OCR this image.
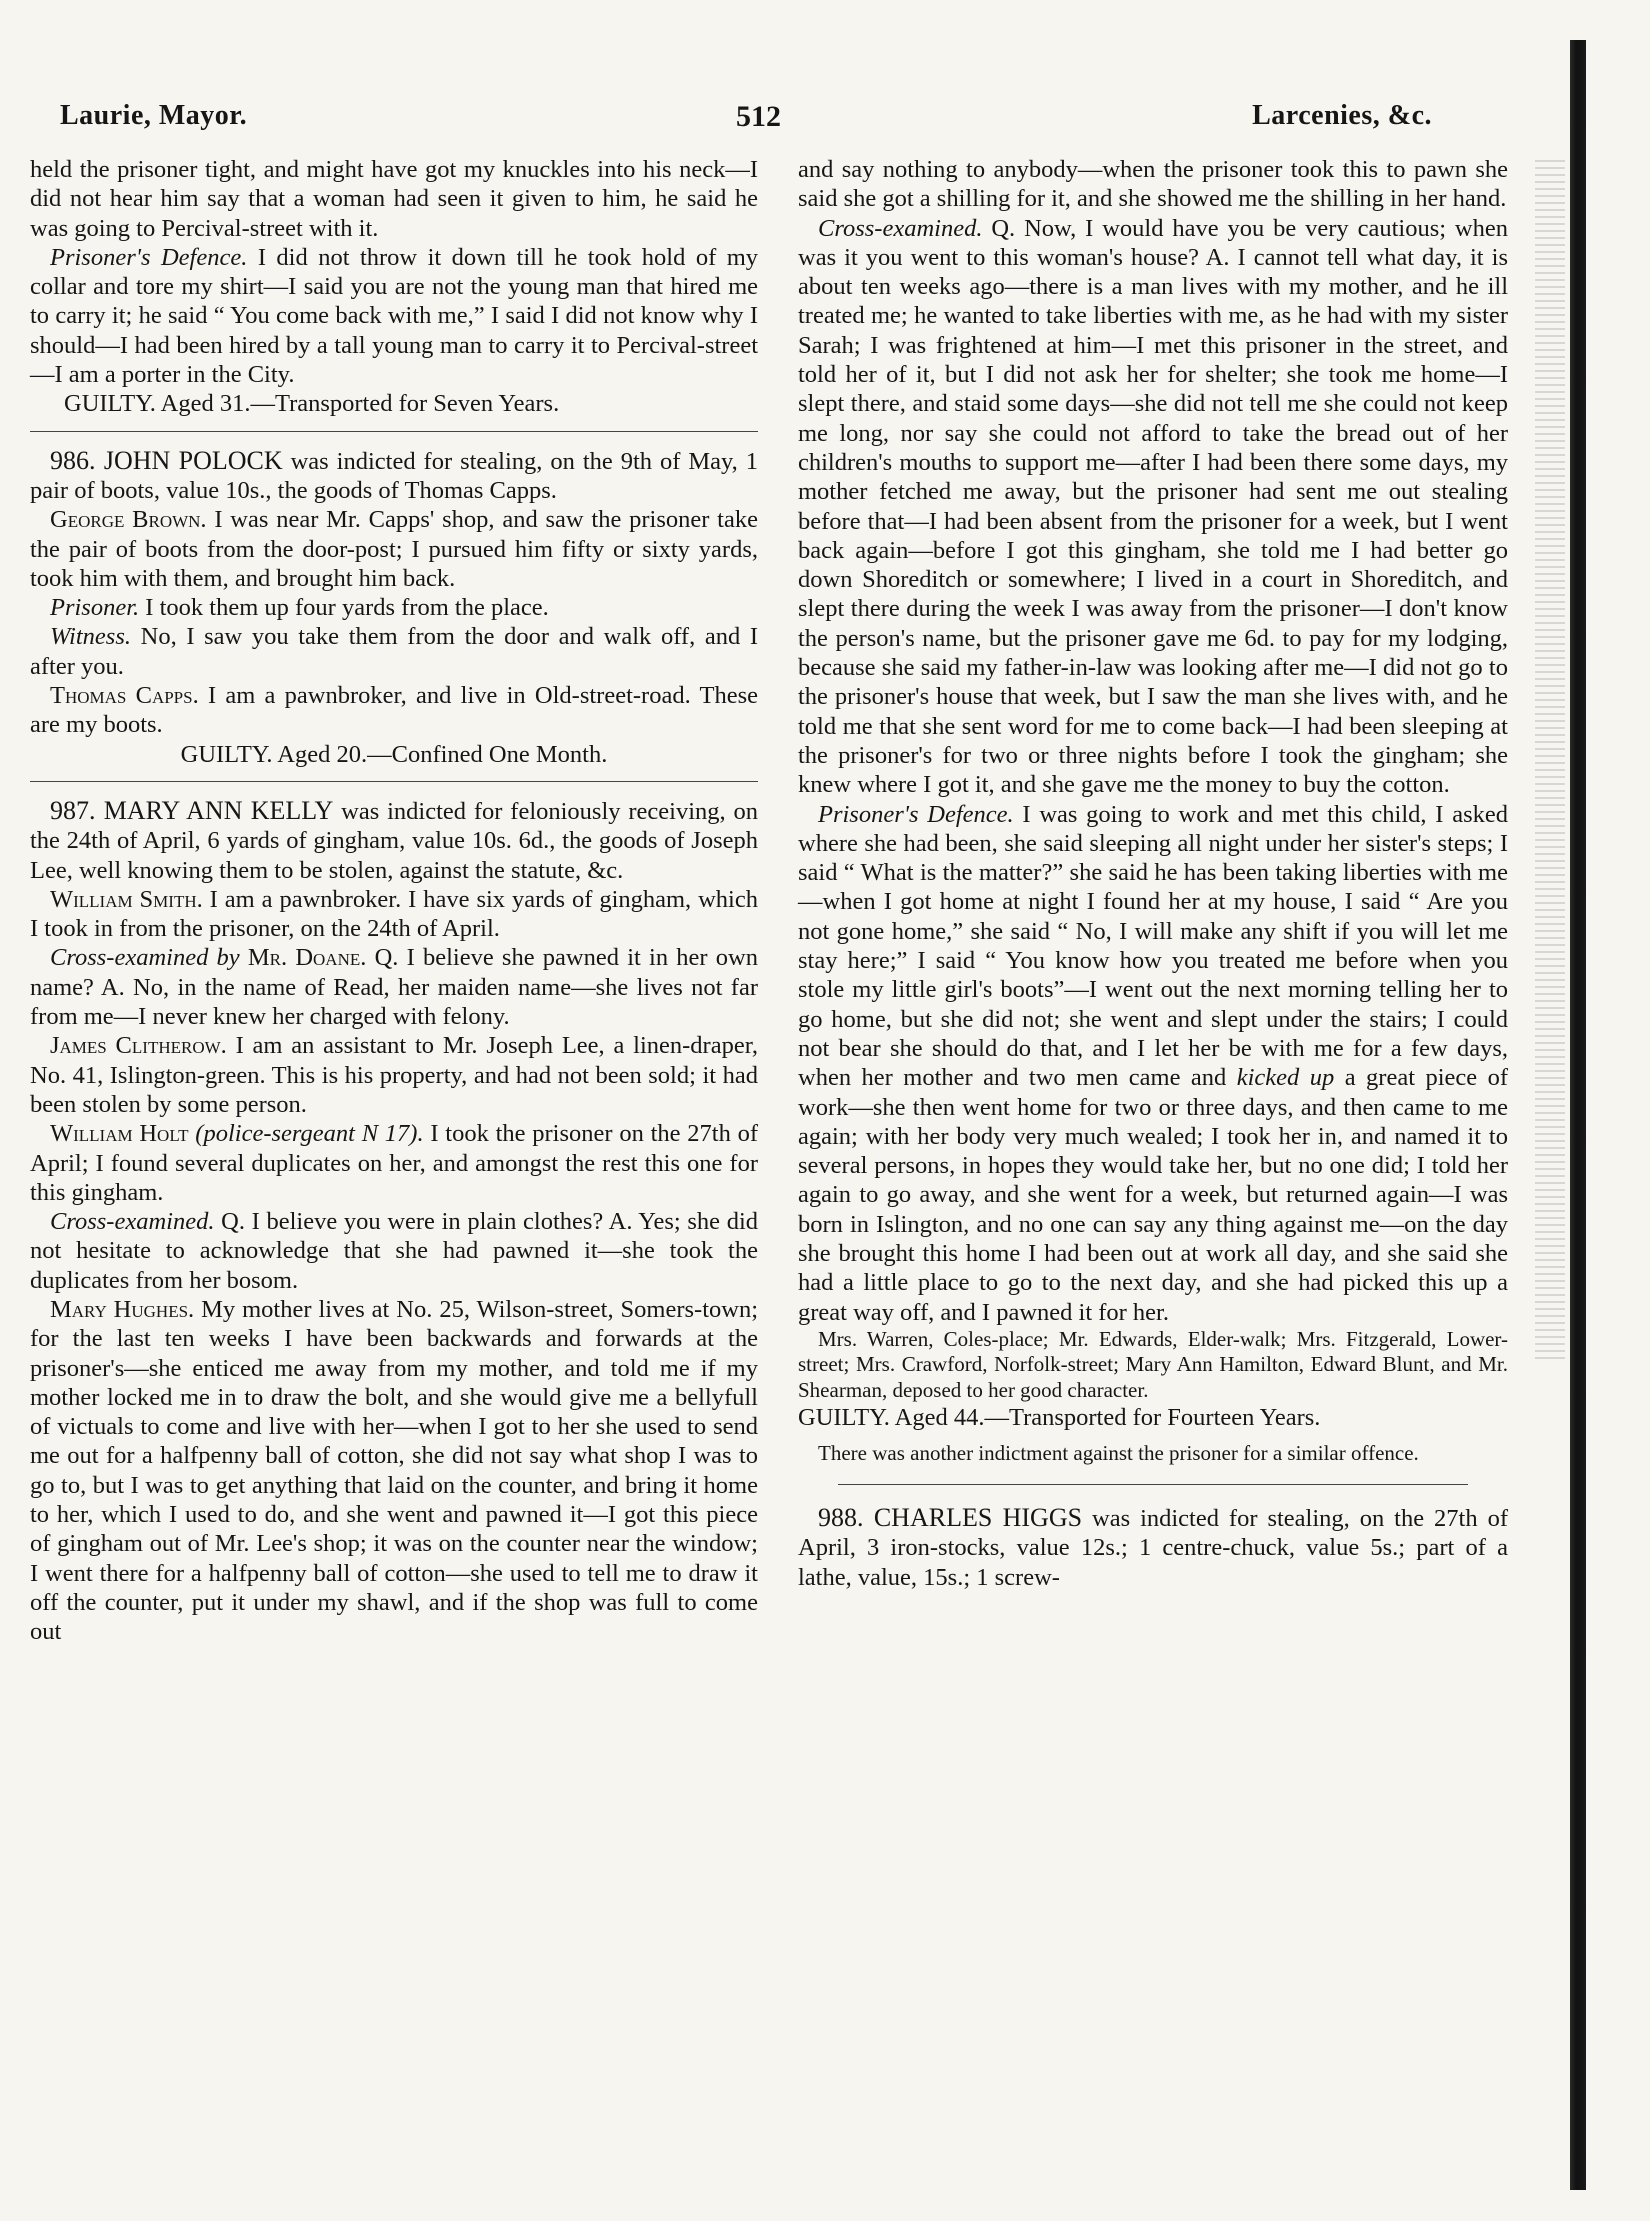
Laurie, Mayor.	512	Larcenies, &c.

held the prisoner tight, and might have got my knuckles into his neck—I did not hear him say that a woman had seen it given to him, he said he was going to Percival-street with it.

Prisoner's Defence. I did not throw it down till he took hold of my collar and tore my shirt—I said you are not the young man that hired me to carry it; he said “ You come back with me,” I said I did not know why I should—I had been hired by a tall young man to carry it to Percival-street—I am a porter in the City.

GUILTY. Aged 31.—Transported for Seven Years.

986. JOHN POLOCK was indicted for stealing, on the 9th of May, 1 pair of boots, value 10s., the goods of Thomas Capps.

George Brown. I was near Mr. Capps' shop, and saw the prisoner take the pair of boots from the door-post; I pursued him fifty or sixty yards, took him with them, and brought him back.

Prisoner. I took them up four yards from the place.

Witness. No, I saw you take them from the door and walk off, and I after you.

Thomas Capps. I am a pawnbroker, and live in Old-street-road. These are my boots.

GUILTY. Aged 20.—Confined One Month.

987. MARY ANN KELLY was indicted for feloniously receiving, on the 24th of April, 6 yards of gingham, value 10s. 6d., the goods of Joseph Lee, well knowing them to be stolen, against the statute, &c.

William Smith. I am a pawnbroker. I have six yards of gingham, which I took in from the prisoner, on the 24th of April.

Cross-examined by Mr. Doane. Q. I believe she pawned it in her own name? A. No, in the name of Read, her maiden name—she lives not far from me—I never knew her charged with felony.

James Clitherow. I am an assistant to Mr. Joseph Lee, a linen-draper, No. 41, Islington-green. This is his property, and had not been sold; it had been stolen by some person.

William Holt (police-sergeant N 17). I took the prisoner on the 27th of April; I found several duplicates on her, and amongst the rest this one for this gingham.

Cross-examined. Q. I believe you were in plain clothes? A. Yes; she did not hesitate to acknowledge that she had pawned it—she took the duplicates from her bosom.

Mary Hughes. My mother lives at No. 25, Wilson-street, Somers-town; for the last ten weeks I have been backwards and forwards at the prisoner's—she enticed me away from my mother, and told me if my mother locked me in to draw the bolt, and she would give me a bellyfull of victuals to come and live with her—when I got to her she used to send me out for a halfpenny ball of cotton, she did not say what shop I was to go to, but I was to get anything that laid on the counter, and bring it home to her, which I used to do, and she went and pawned it—I got this piece of gingham out of Mr. Lee's shop; it was on the counter near the window; I went there for a halfpenny ball of cotton—she used to tell me to draw it off the counter, put it under my shawl, and if the shop was full to come out

and say nothing to anybody—when the prisoner took this to pawn she said she got a shilling for it, and she showed me the shilling in her hand.

Cross-examined. Q. Now, I would have you be very cautious; when was it you went to this woman's house? A. I cannot tell what day, it is about ten weeks ago—there is a man lives with my mother, and he ill treated me; he wanted to take liberties with me, as he had with my sister Sarah; I was frightened at him—I met this prisoner in the street, and told her of it, but I did not ask her for shelter; she took me home—I slept there, and staid some days—she did not tell me she could not keep me long, nor say she could not afford to take the bread out of her children's mouths to support me—after I had been there some days, my mother fetched me away, but the prisoner had sent me out stealing before that—I had been absent from the prisoner for a week, but I went back again—before I got this gingham, she told me I had better go down Shoreditch or somewhere; I lived in a court in Shoreditch, and slept there during the week I was away from the prisoner—I don't know the person's name, but the prisoner gave me 6d. to pay for my lodging, because she said my father-in-law was looking after me—I did not go to the prisoner's house that week, but I saw the man she lives with, and he told me that she sent word for me to come back—I had been sleeping at the prisoner's for two or three nights before I took the gingham; she knew where I got it, and she gave me the money to buy the cotton.

Prisoner's Defence. I was going to work and met this child, I asked where she had been, she said sleeping all night under her sister's steps; I said “ What is the matter?” she said he has been taking liberties with me—when I got home at night I found her at my house, I said “ Are you not gone home,” she said “ No, I will make any shift if you will let me stay here;” I said “ You know how you treated me before when you stole my little girl's boots”—I went out the next morning telling her to go home, but she did not; she went and slept under the stairs; I could not bear she should do that, and I let her be with me for a few days, when her mother and two men came and kicked up a great piece of work—she then went home for two or three days, and then came to me again; with her body very much wealed; I took her in, and named it to several persons, in hopes they would take her, but no one did; I told her again to go away, and she went for a week, but returned again—I was born in Islington, and no one can say any thing against me—on the day she brought this home I had been out at work all day, and she said she had a little place to go to the next day, and she had picked this up a great way off, and I pawned it for her.

Mrs. Warren, Coles-place; Mr. Edwards, Elder-walk; Mrs. Fitzgerald, Lower-street; Mrs. Crawford, Norfolk-street; Mary Ann Hamilton, Edward Blunt, and Mr. Shearman, deposed to her good character.

GUILTY. Aged 44.—Transported for Fourteen Years.

There was another indictment against the prisoner for a similar offence.

988. CHARLES HIGGS was indicted for stealing, on the 27th of April, 3 iron-stocks, value 12s.; 1 centre-chuck, value 5s.; part of a lathe, value, 15s.; 1 screw-
